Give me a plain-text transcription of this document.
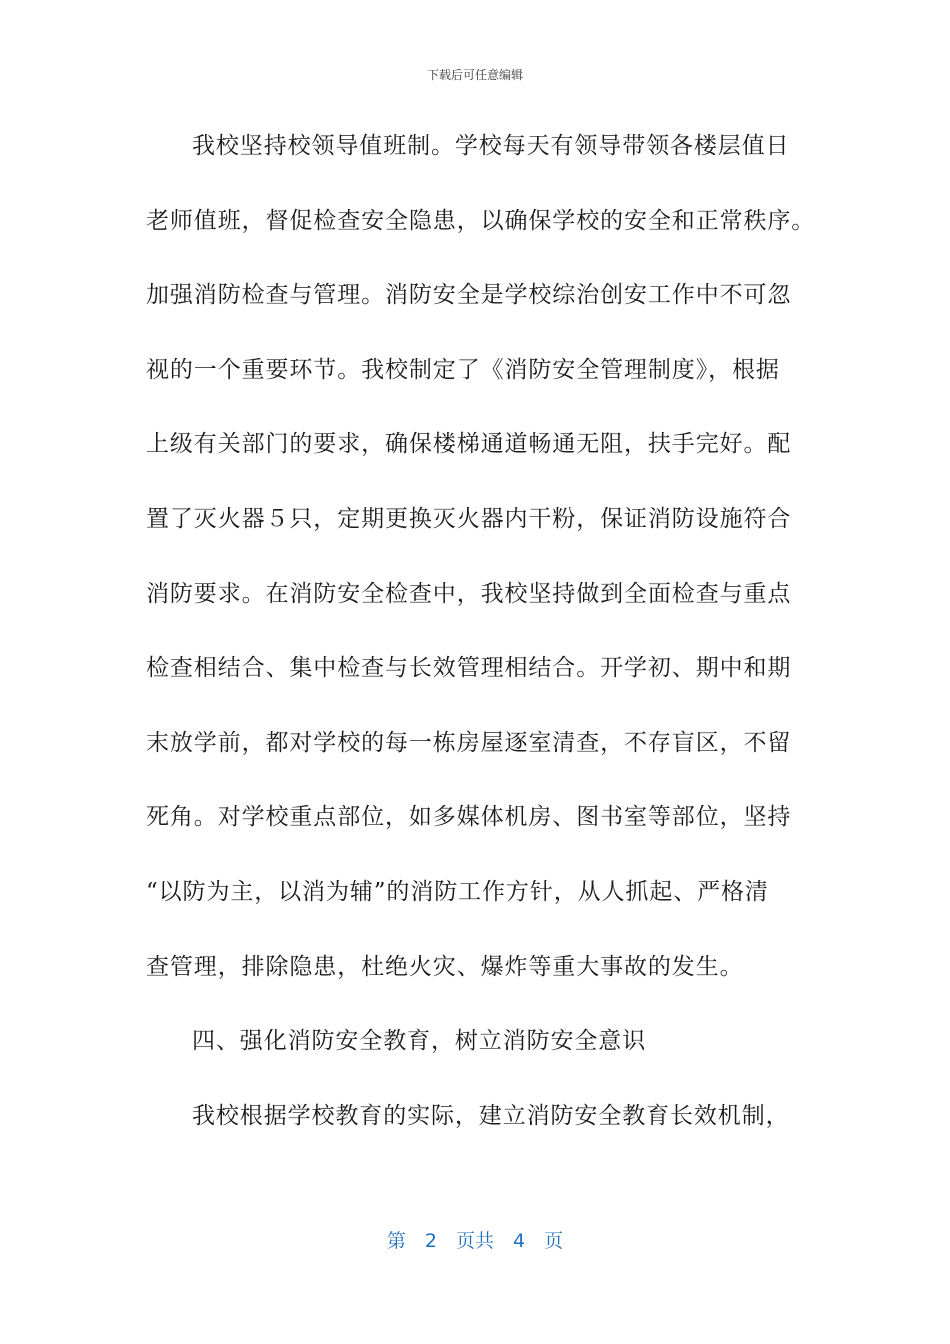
下载后可任意编辑
我校坚持校领导值班制。学校每天有领导带领各楼层值日
老师值班，督促检查安全隐患，以确保学校的安全和正常秩序。
加强消防检查与管理。消防安全是学校综治创安工作中不可忽
视的一个重要环节。我校制定了《消防安全管理制度》，根据
上级有关部门的要求，确保楼梯通道畅通无阻，扶手完好。配
置了灭火器５只，定期更换灭火器内干粉，保证消防设施符合
消防要求。在消防安全检查中，我校坚持做到全面检查与重点
检查相结合、集中检查与长效管理相结合。开学初、期中和期
末放学前，都对学校的每一栋房屋逐室清查，不存盲区，不留
死角。对学校重点部位，如多媒体机房、图书室等部位，坚持
“以防为主，以消为辅”的消防工作方针，从人抓起、严格清
查管理，排除隐患，杜绝火灾、爆炸等重大事故的发生。
四、强化消防安全教育，树立消防安全意识
我校根据学校教育的实际，建立消防安全教育长效机制，
第　2　页共　4　页
